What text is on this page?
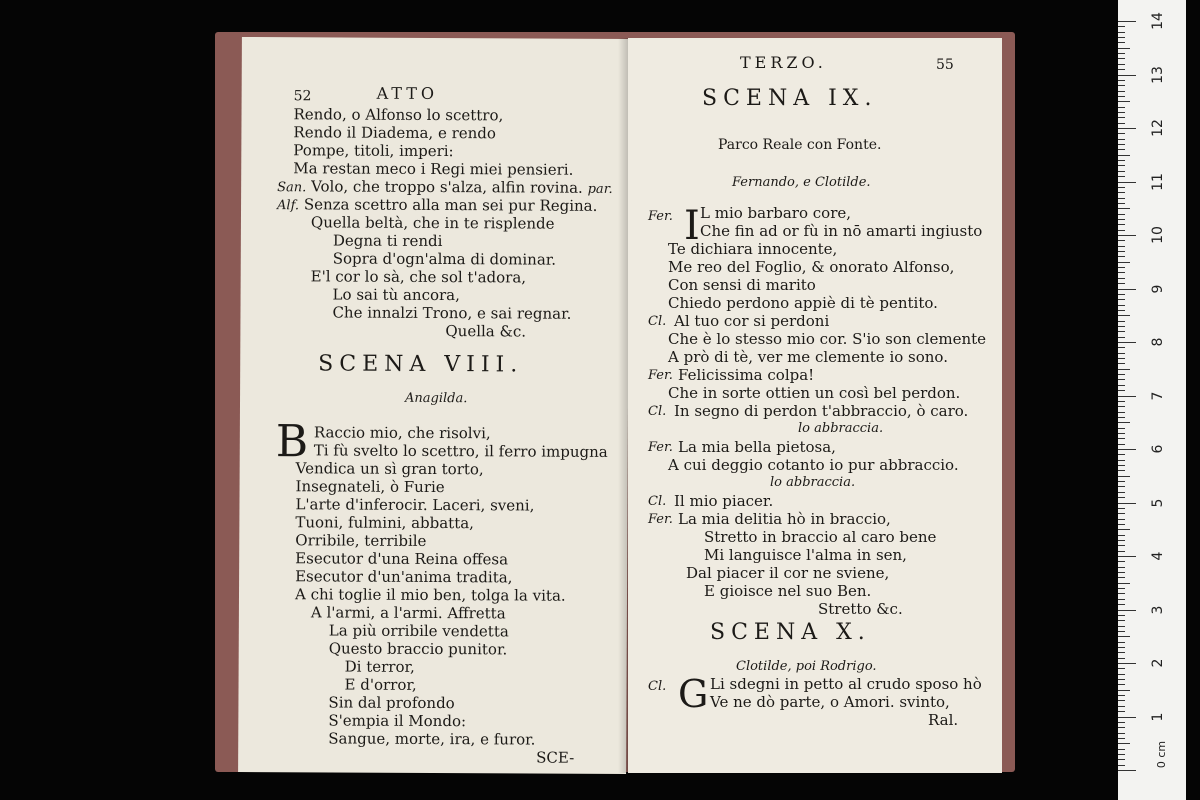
52	ATTO
Rendo, o Alfonso lo scettro,
Rendo il Diadema, e rendo
Pompe, titoli, imperi:
Ma restan meco i Regi miei pensieri.
San. Volo, che troppo s'alza, alfin rovina. par.
Alf. Senza scettro alla man sei pur Regina.
Quella beltà, che in te risplende
Degna ti rendi
Sopra d'ogn'alma di dominar.
E'l cor lo sà, che sol t'adora,
Lo sai tù ancora,
Che innalzi Trono, e sai regnar.
Quella &c.
SCENA VIII.
Anagilda.
B Raccio mio, che risolvi,
Ti fù svelto lo scettro, il ferro impugna
Vendica un sì gran torto,
Insegnateli, ò Furie
L'arte d'inferocir. Laceri, sveni,
Tuoni, fulmini, abbatta,
Orribile, terribile
Esecutor d'una Reina offesa
Esecutor d'un'anima tradita,
A chi toglie il mio ben, tolga la vita.
A l'armi, a l'armi. Affretta
La più orribile vendetta
Questo braccio punitor.
Di terror,
E d'orror,
Sin dal profondo
S'empia il Mondo:
Sangue, morte, ira, e furor.
SCE-
TERZO.	55
SCENA IX.
Parco Reale con Fonte.
Fernando, e Clotilde.
Fer. I L mio barbaro core,
Che fin ad or fù in nō amarti ingiusto
Te dichiara innocente,
Me reo del Foglio, & onorato Alfonso,
Con sensi di marito
Chiedo perdono appiè di tè pentito.
Cl. Al tuo cor si perdoni
Che è lo stesso mio cor. S'io son clemente
A prò di tè, ver me clemente io sono.
Fer. Felicissima colpa!
Che in sorte ottien un così bel perdon.
Cl. In segno di perdon t'abbraccio, ò caro.
lo abbraccia.
Fer. La mia bella pietosa,
A cui deggio cotanto io pur abbraccio.
lo abbraccia.
Cl. Il mio piacer.
Fer. La mia delitia hò in braccio,
Stretto in braccio al caro bene
Mi languisce l'alma in sen,
Dal piacer il cor ne sviene,
E gioisce nel suo Ben.
Stretto &c.
SCENA X.
Clotilde, poi Rodrigo.
Cl. G Li sdegni in petto al crudo sposo hò
Ve ne dò parte, o Amori. svinto,
Ral.
0 cm
1
2
3
4
5
6
7
8
9
10
11
12
13
14
